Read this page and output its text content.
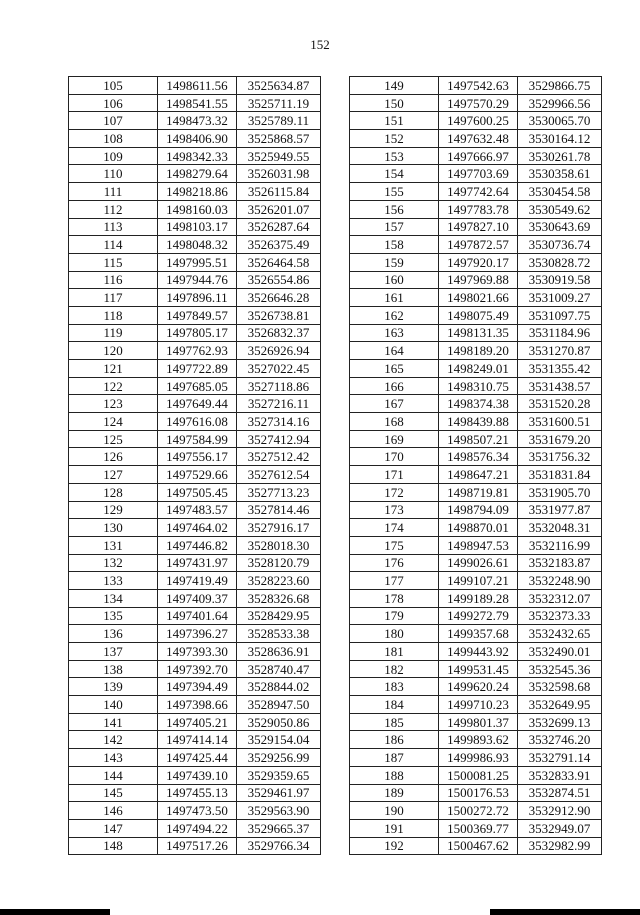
152
105	1498611.56	3525634.87
106	1498541.55	3525711.19
107	1498473.32	3525789.11
108	1498406.90	3525868.57
109	1498342.33	3525949.55
110	1498279.64	3526031.98
111	1498218.86	3526115.84
112	1498160.03	3526201.07
113	1498103.17	3526287.64
114	1498048.32	3526375.49
115	1497995.51	3526464.58
116	1497944.76	3526554.86
117	1497896.11	3526646.28
118	1497849.57	3526738.81
119	1497805.17	3526832.37
120	1497762.93	3526926.94
121	1497722.89	3527022.45
122	1497685.05	3527118.86
123	1497649.44	3527216.11
124	1497616.08	3527314.16
125	1497584.99	3527412.94
126	1497556.17	3527512.42
127	1497529.66	3527612.54
128	1497505.45	3527713.23
129	1497483.57	3527814.46
130	1497464.02	3527916.17
131	1497446.82	3528018.30
132	1497431.97	3528120.79
133	1497419.49	3528223.60
134	1497409.37	3528326.68
135	1497401.64	3528429.95
136	1497396.27	3528533.38
137	1497393.30	3528636.91
138	1497392.70	3528740.47
139	1497394.49	3528844.02
140	1497398.66	3528947.50
141	1497405.21	3529050.86
142	1497414.14	3529154.04
143	1497425.44	3529256.99
144	1497439.10	3529359.65
145	1497455.13	3529461.97
146	1497473.50	3529563.90
147	1497494.22	3529665.37
148	1497517.26	3529766.34
149	1497542.63	3529866.75
150	1497570.29	3529966.56
151	1497600.25	3530065.70
152	1497632.48	3530164.12
153	1497666.97	3530261.78
154	1497703.69	3530358.61
155	1497742.64	3530454.58
156	1497783.78	3530549.62
157	1497827.10	3530643.69
158	1497872.57	3530736.74
159	1497920.17	3530828.72
160	1497969.88	3530919.58
161	1498021.66	3531009.27
162	1498075.49	3531097.75
163	1498131.35	3531184.96
164	1498189.20	3531270.87
165	1498249.01	3531355.42
166	1498310.75	3531438.57
167	1498374.38	3531520.28
168	1498439.88	3531600.51
169	1498507.21	3531679.20
170	1498576.34	3531756.32
171	1498647.21	3531831.84
172	1498719.81	3531905.70
173	1498794.09	3531977.87
174	1498870.01	3532048.31
175	1498947.53	3532116.99
176	1499026.61	3532183.87
177	1499107.21	3532248.90
178	1499189.28	3532312.07
179	1499272.79	3532373.33
180	1499357.68	3532432.65
181	1499443.92	3532490.01
182	1499531.45	3532545.36
183	1499620.24	3532598.68
184	1499710.23	3532649.95
185	1499801.37	3532699.13
186	1499893.62	3532746.20
187	1499986.93	3532791.14
188	1500081.25	3532833.91
189	1500176.53	3532874.51
190	1500272.72	3532912.90
191	1500369.77	3532949.07
192	1500467.62	3532982.99
